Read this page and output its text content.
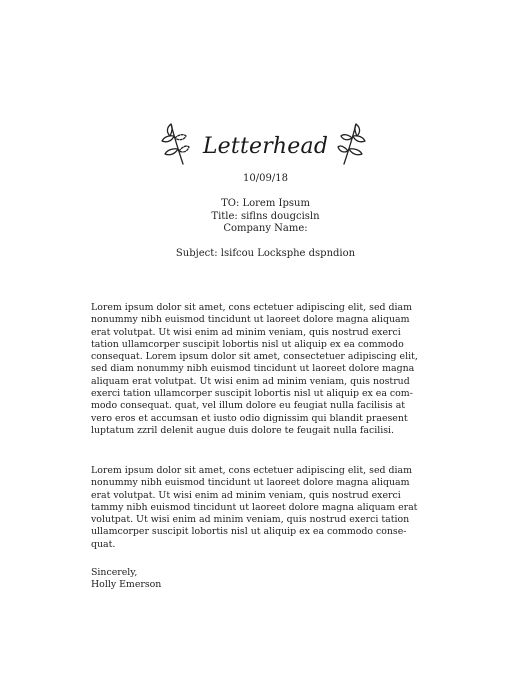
Letterhead
10/09/18
TO: Lorem Ipsum
Title: siflns dougcisln
Company Name:
Subject: lsifcou Locksphe dspndion
Lorem ipsum dolor sit amet, cons ectetuer adipiscing elit, sed diam
nonummy nibh euismod tincidunt ut laoreet dolore magna aliquam
erat volutpat. Ut wisi enim ad minim veniam, quis nostrud exerci
tation ullamcorper suscipit lobortis nisl ut aliquip ex ea commodo
consequat. Lorem ipsum dolor sit amet, consectetuer adipiscing elit,
sed diam nonummy nibh euismod tincidunt ut laoreet dolore magna
aliquam erat volutpat. Ut wisi enim ad minim veniam, quis nostrud
exerci tation ullamcorper suscipit lobortis nisl ut aliquip ex ea com-
modo consequat. quat, vel illum dolore eu feugiat nulla facilisis at
vero eros et accumsan et iusto odio dignissim qui blandit praesent
luptatum zzril delenit augue duis dolore te feugait nulla facilisi.
Lorem ipsum dolor sit amet, cons ectetuer adipiscing elit, sed diam
nonummy nibh euismod tincidunt ut laoreet dolore magna aliquam
erat volutpat. Ut wisi enim ad minim veniam, quis nostrud exerci
tammy nibh euismod tincidunt ut laoreet dolore magna aliquam erat
volutpat. Ut wisi enim ad minim veniam, quis nostrud exerci tation
ullamcorper suscipit lobortis nisl ut aliquip ex ea commodo conse-
quat.
Sincerely,
Holly Emerson
